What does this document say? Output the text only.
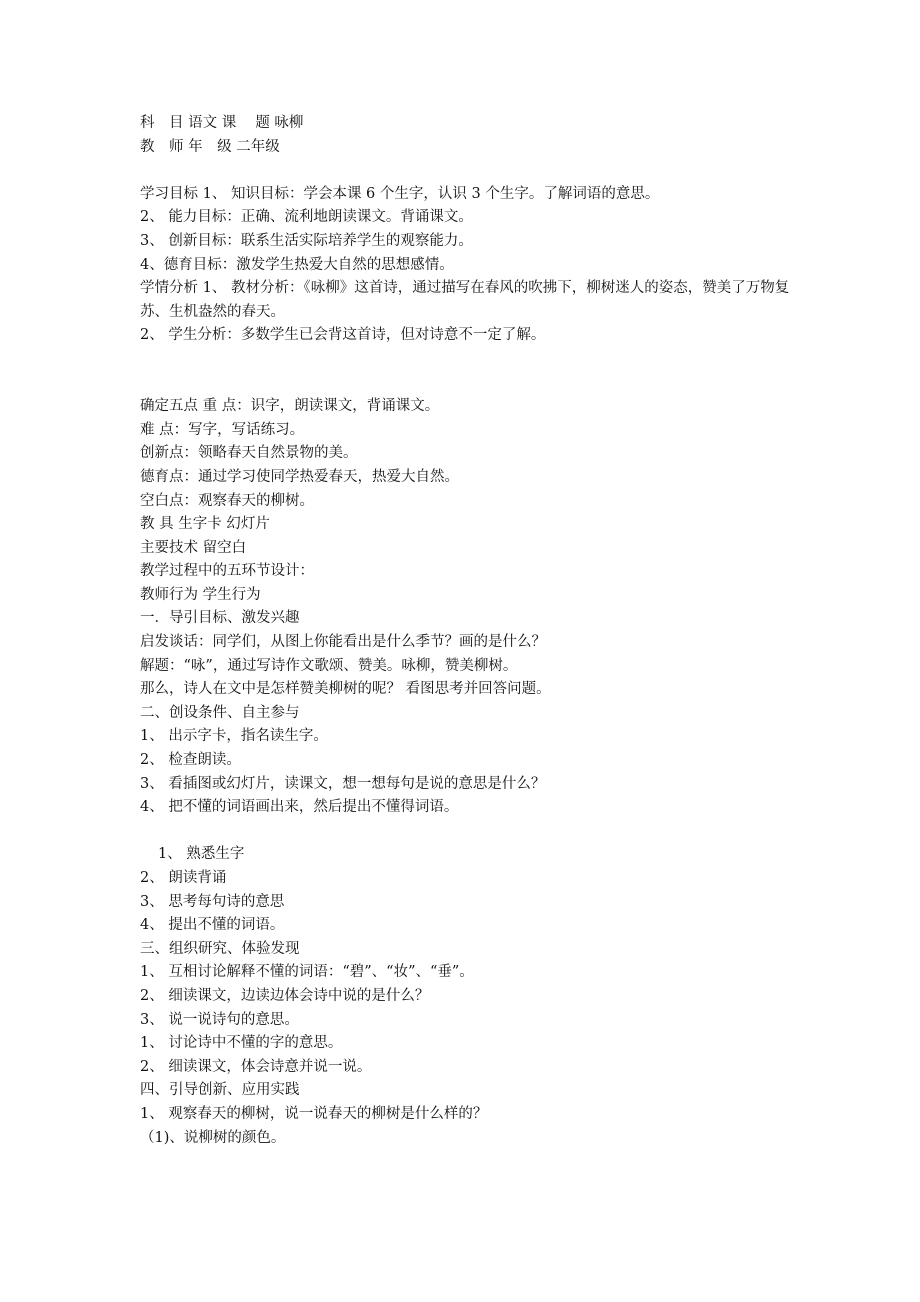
科　目 语文 课　 题 咏柳
教　师 年　级 二年级
学习目标 1、 知识目标：学会本课 6 个生字，认识 3 个生字。了解词语的意思。
2、 能力目标：正确、流利地朗读课文。背诵课文。
3、 创新目标：联系生活实际培养学生的观察能力。
4、德育目标：激发学生热爱大自然的思想感情。
学情分析 1、 教材分析：《咏柳》这首诗，通过描写在春风的吹拂下，柳树迷人的姿态，赞美了万物复苏、生机盎然的春天。
2、 学生分析：多数学生已会背这首诗，但对诗意不一定了解。
确定五点 重 点：识字，朗读课文，背诵课文。
难 点：写字，写话练习。
创新点：领略春天自然景物的美。
德育点：通过学习使同学热爱春天，热爱大自然。
空白点：观察春天的柳树。
教 具 生字卡 幻灯片
主要技术 留空白
教学过程中的五环节设计：
教师行为 学生行为
一．导引目标、激发兴趣
启发谈话：同学们，从图上你能看出是什么季节？画的是什么？
解题：“咏”，通过写诗作文歌颂、赞美。咏柳，赞美柳树。
那么，诗人在文中是怎样赞美柳树的呢？ 看图思考并回答问题。
二、创设条件、自主参与
1、 出示字卡，指名读生字。
2、 检查朗读。
3、 看插图或幻灯片，读课文，想一想每句是说的意思是什么？
4、 把不懂的词语画出来，然后提出不懂得词语。
1、 熟悉生字
2、 朗读背诵
3、 思考每句诗的意思
4、 提出不懂的词语。
三、组织研究、体验发现
1、 互相讨论解释不懂的词语：“碧”、“妆”、“垂”。
2、 细读课文，边读边体会诗中说的是什么？
3、 说一说诗句的意思。
1、 讨论诗中不懂的字的意思。
2、 细读课文，体会诗意并说一说。
四、引导创新、应用实践
1、 观察春天的柳树，说一说春天的柳树是什么样的？
（1)、说柳树的颜色。
